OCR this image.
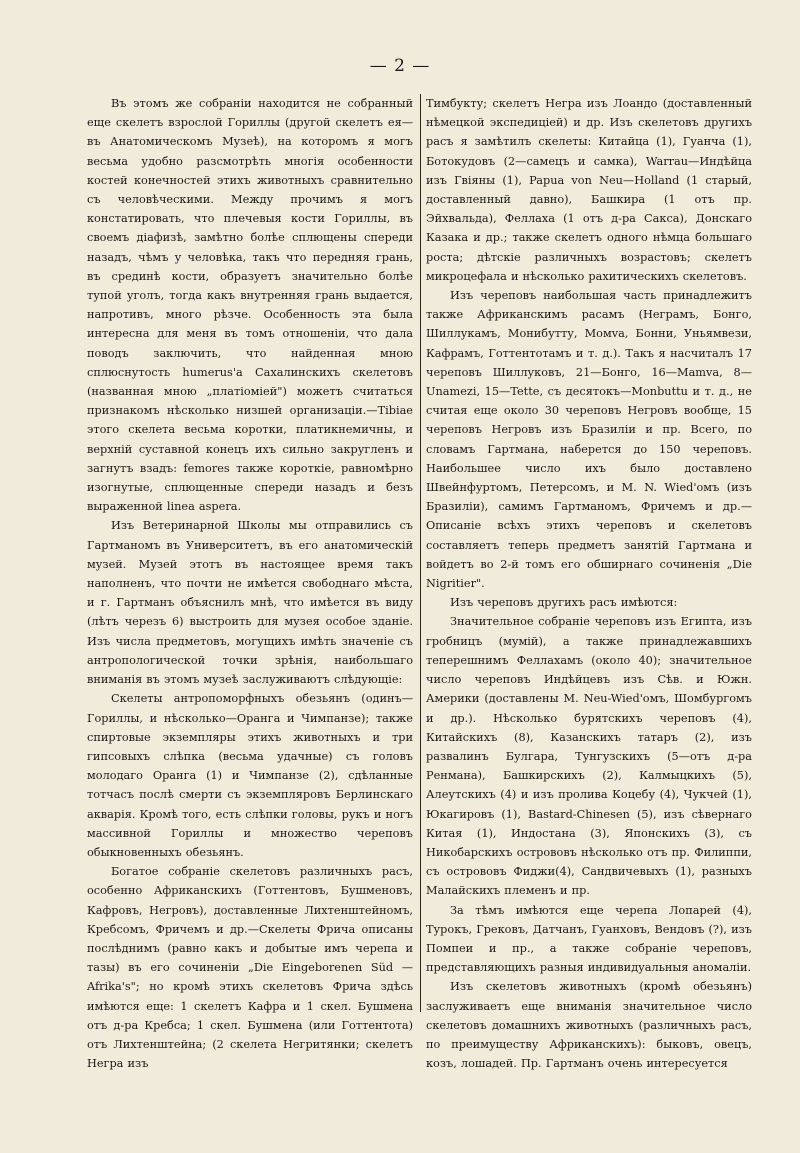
— 2 —

Въ этомъ же собранiи находится не собранный еще скелетъ взрослой Гориллы (другой скелетъ ея—въ Анатомическомъ Музеѣ), на которомъ я могъ весьма удобно разсмотрѣть многiя особенности костей конечностей этихъ животныхъ сравнительно съ человѣческими. Между прочимъ я могъ констатировать, что плечевыя кости Гориллы, въ своемъ дiафизѣ, замѣтно болѣе сплющены спереди назадъ, чѣмъ у человѣка, такъ что передняя грань, въ срединѣ кости, образуетъ значительно болѣе тупой уголъ, тогда какъ внутренняя грань выдается, напротивъ, много рѣзче. Особенность эта была интересна для меня въ томъ отношенiи, что дала поводъ заключить, что найденная мною сплюснутость humerus'а Сахалинскихъ скелетовъ (названная мною „платiомiей") можетъ считаться признакомъ нѣсколько низшей организацiи.—Tibiae этого скелета весьма коротки, платикнемичны, и верхнiй суставной конецъ ихъ сильно закругленъ и загнутъ взадъ: femores также короткiе, равномѣрно изогнутые, сплющенные спереди назадъ и безъ выраженной linea aspera.

Изъ Ветеринарной Школы мы отправились съ Гартманомъ въ Университетъ, въ его анатомическiй музей. Музей этотъ въ настоящее время такъ наполненъ, что почти не имѣется свободнаго мѣста, и г. Гартманъ объяснилъ мнѣ, что имѣется въ виду (лѣтъ черезъ 6) выстроить для музея особое зданiе. Изъ числа предметовъ, могущихъ имѣть значенiе съ антропологической точки зрѣнiя, наибольшаго вниманiя въ этомъ музеѣ заслуживаютъ слѣдующiе:

Скелеты антропоморфныхъ обезьянъ (одинъ—Гориллы, и нѣсколько—Оранга и Чимпанзе); также спиртовые экземпляры этихъ животныхъ и три гипсовыхъ слѣпка (весьма удачные) съ головъ молодаго Оранга (1) и Чимпанзе (2), сдѣланные тотчасъ послѣ смерти съ экземпляровъ Берлинскаго акварiя. Кромѣ того, есть слѣпки головы, рукъ и ногъ массивной Гориллы и множество череповъ обыкновенныхъ обезьянъ.

Богатое собранiе скелетовъ различныхъ расъ, особенно Африканскихъ (Готтентовъ, Бушменовъ, Кафровъ, Негровъ), доставленные Лихтенштейномъ, Кребсомъ, Фричемъ и др.—Скелеты Фрича описаны послѣднимъ (равно какъ и добытые имъ черепа и тазы) въ его сочиненiи „Die Eingeborenen Süd — Afrika's"; но кромѣ этихъ скелетовъ Фрича здѣсь имѣются еще: 1 скелетъ Кафра и 1 скел. Бушмена отъ д-ра Кребса; 1 скел. Бушмена (или Готтентота) отъ Лихтенштейна; (2 скелета Негритянки; скелетъ Негра изъ

Тимбукту; скелетъ Негра изъ Лоандо (доставленный нѣмецкой экспедицiей) и др. Изъ скелетовъ другихъ расъ я замѣтилъ скелеты: Китайца (1), Гуанча (1), Ботокудовъ (2—самецъ и самка), Warrau—Индѣйца изъ Гвiяны (1), Papua von Neu—Holland (1 старый, доставленный давно), Башкира (1 отъ пр. Эйхвальда), Феллаха (1 отъ д-ра Сакса), Донскаго Казака и др.; также скелетъ одного нѣмца большаго роста; дѣтскiе различныхъ возрастовъ; скелетъ микроцефала и нѣсколько рахитическихъ скелетовъ.

Изъ череповъ наибольшая часть принадлежитъ также Африканскимъ расамъ (Неграмъ, Бонго, Шиллукамъ, Монибутту, Mомva, Бонни, Уньямвези, Кафрамъ, Готтентотамъ и т. д.). Такъ я насчиталъ 17 череповъ Шиллуковъ, 21—Бонго, 16—Mamva, 8—Unamezi, 15—Tette, съ десятокъ—Monbuttu и т. д., не считая еще около 30 череповъ Негровъ вообще, 15 череповъ Негровъ изъ Бразилiи и пр. Всего, по словамъ Гартмана, наберется до 150 череповъ. Наибольшее число ихъ было доставлено Швейнфуртомъ, Петерсомъ, и M. N. Wied'омъ (изъ Бразилiи), самимъ Гартманомъ, Фричемъ и др.—Описанiе всѣхъ этихъ череповъ и скелетовъ составляетъ теперь предметъ занятiй Гартмана и войдетъ во 2-й томъ его обширнаго сочиненiя „Die Nigritier".

Изъ череповъ другихъ расъ имѣются:

Значительное собранiе череповъ изъ Египта, изъ гробницъ (мумiй), а также принадлежавшихъ теперешнимъ Феллахамъ (около 40); значительное число череповъ Индѣйцевъ изъ Сѣв. и Южн. Америки (доставлены M. Neu-Wied'омъ, Шомбургомъ и др.). Нѣсколько бурятскихъ череповъ (4), Китайскихъ (8), Казанскихъ татаръ (2), изъ развалинъ Булгара, Тунгузскихъ (5—отъ д-ра Ренмана), Башкирскихъ (2), Калмыцкихъ (5), Алеутскихъ (4) и изъ пролива Коцебу (4), Чукчей (1), Юкагировъ (1), Bastard-Chinesen (5), изъ сѣвернаго Китая (1), Индостана (3), Японскихъ (3), съ Никобарскихъ острововъ нѣсколько отъ пр. Филиппи, съ острововъ Фиджи(4), Сандвичевыхъ (1), разныхъ Малайскихъ племенъ и пр.

За тѣмъ имѣются еще черепа Лопарей (4), Турокъ, Грековъ, Датчанъ, Гуанховъ, Вендовъ (?), изъ Помпеи и пр., а также собранiе череповъ, представляющихъ разныя индивидуальныя аномалiи.

Изъ скелетовъ животныхъ (кромѣ обезьянъ) заслуживаетъ еще вниманiя значительное число скелетовъ домашнихъ животныхъ (различныхъ расъ, по преимуществу Африканскихъ): быковъ, овецъ, козъ, лошадей. Пр. Гартманъ очень интересуется
